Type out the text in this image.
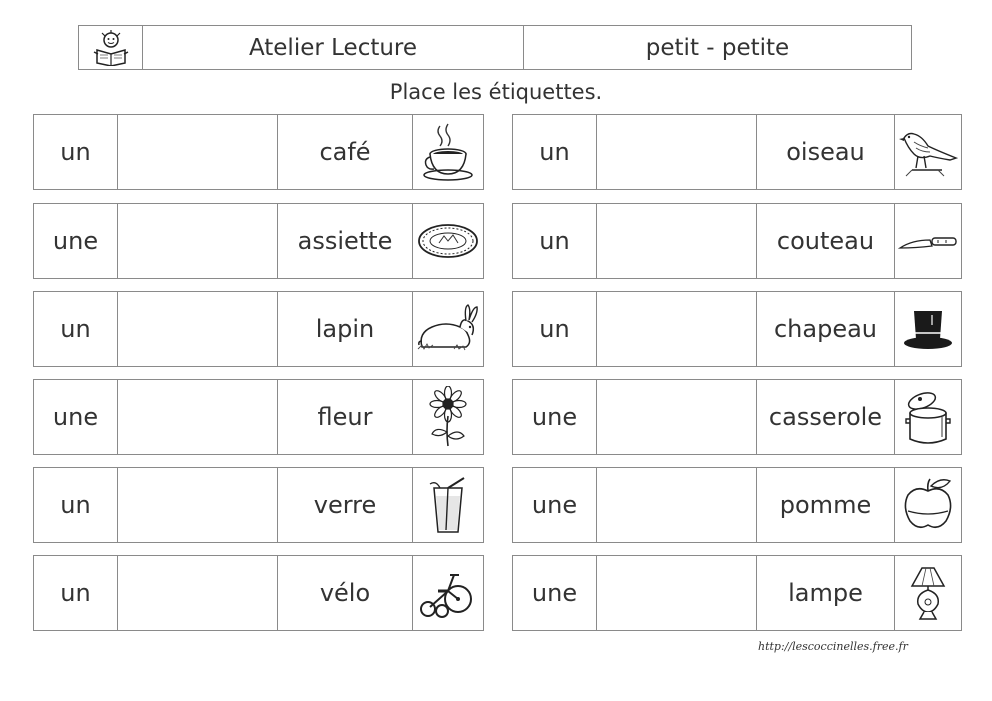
Atelier Lecture	petit - petite
Place les étiquettes.
un	café
une	assiette
un	lapin
une	fleur
un	verre
un	vélo
un	oiseau
un	couteau
un	chapeau
une	casserole
une	pomme
une	lampe
http://lescoccinelles.free.fr
